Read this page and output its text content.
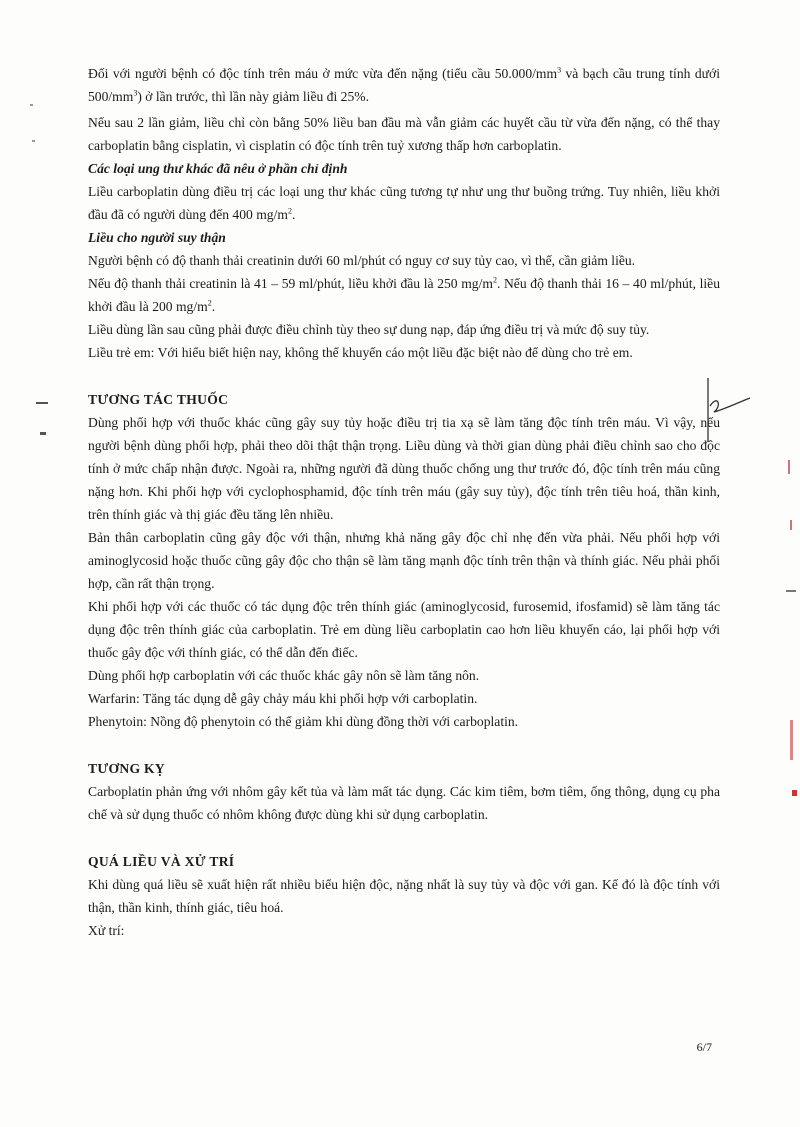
Đối với người bệnh có độc tính trên máu ở mức vừa đến nặng (tiểu cầu $50.000/mm^3$ và bạch cầu trung tính dưới $500/mm^3$) ở lần trước, thì lần này giảm liều đi 25%.

Nếu sau 2 lần giảm, liều chỉ còn bằng 50% liều ban đầu mà vẫn giảm các huyết cầu từ vừa đến nặng, có thể thay carboplatin bằng cisplatin, vì cisplatin có độc tính trên tuỷ xương thấp hơn carboplatin.

Các loại ung thư khác đã nêu ở phần chỉ định

Liều carboplatin dùng điều trị các loại ung thư khác cũng tương tự như ung thư buồng trứng. Tuy nhiên, liều khởi đầu đã có người dùng đến 400 $mg/m^2$.

Liều cho người suy thận

Người bệnh có độ thanh thải creatinin dưới 60 ml/phút có nguy cơ suy tủy cao, vì thế, cần giảm liều.

Nếu độ thanh thải creatinin là 41 – 59 ml/phút, liều khởi đầu là 250 $mg/m^2$. Nếu độ thanh thải 16 – 40 ml/phút, liều khởi đầu là 200 $mg/m^2$.

Liều dùng lần sau cũng phải được điều chỉnh tùy theo sự dung nạp, đáp ứng điều trị và mức độ suy tủy.

Liều trẻ em: Với hiểu biết hiện nay, không thể khuyến cáo một liều đặc biệt nào để dùng cho trẻ em.

TƯƠNG TÁC THUỐC

Dùng phối hợp với thuốc khác cũng gây suy tủy hoặc điều trị tia xạ sẽ làm tăng độc tính trên máu. Vì vậy, nếu người bệnh dùng phối hợp, phải theo dõi thật thận trọng. Liều dùng và thời gian dùng phải điều chỉnh sao cho độc tính ở mức chấp nhận được. Ngoài ra, những người đã dùng thuốc chống ung thư trước đó, độc tính trên máu cũng nặng hơn. Khi phối hợp với cyclophosphamid, độc tính trên máu (gây suy tủy), độc tính trên tiêu hoá, thần kinh, trên thính giác và thị giác đều tăng lên nhiều.

Bản thân carboplatin cũng gây độc với thận, nhưng khả năng gây độc chỉ nhẹ đến vừa phải. Nếu phối hợp với aminoglycosid hoặc thuốc cũng gây độc cho thận sẽ làm tăng mạnh độc tính trên thận và thính giác. Nếu phải phối hợp, cần rất thận trọng.

Khi phối hợp với các thuốc có tác dụng độc trên thính giác (aminoglycosid, furosemid, ifosfamid) sẽ làm tăng tác dụng độc trên thính giác của carboplatin. Trẻ em dùng liều carboplatin cao hơn liều khuyến cáo, lại phối hợp với thuốc gây độc với thính giác, có thể dẫn đến điếc.

Dùng phối hợp carboplatin với các thuốc khác gây nôn sẽ làm tăng nôn.

Warfarin: Tăng tác dụng dễ gây chảy máu khi phối hợp với carboplatin.

Phenytoin: Nồng độ phenytoin có thể giảm khi dùng đồng thời với carboplatin.

TƯƠNG KỴ

Carboplatin phản ứng với nhôm gây kết tủa và làm mất tác dụng. Các kim tiêm, bơm tiêm, ống thông, dụng cụ pha chế và sử dụng thuốc có nhôm không được dùng khi sử dụng carboplatin.

QUÁ LIỀU VÀ XỬ TRÍ

Khi dùng quá liều sẽ xuất hiện rất nhiều biểu hiện độc, nặng nhất là suy tủy và độc với gan. Kế đó là độc tính với thận, thần kinh, thính giác, tiêu hoá.

Xử trí:

6/7
